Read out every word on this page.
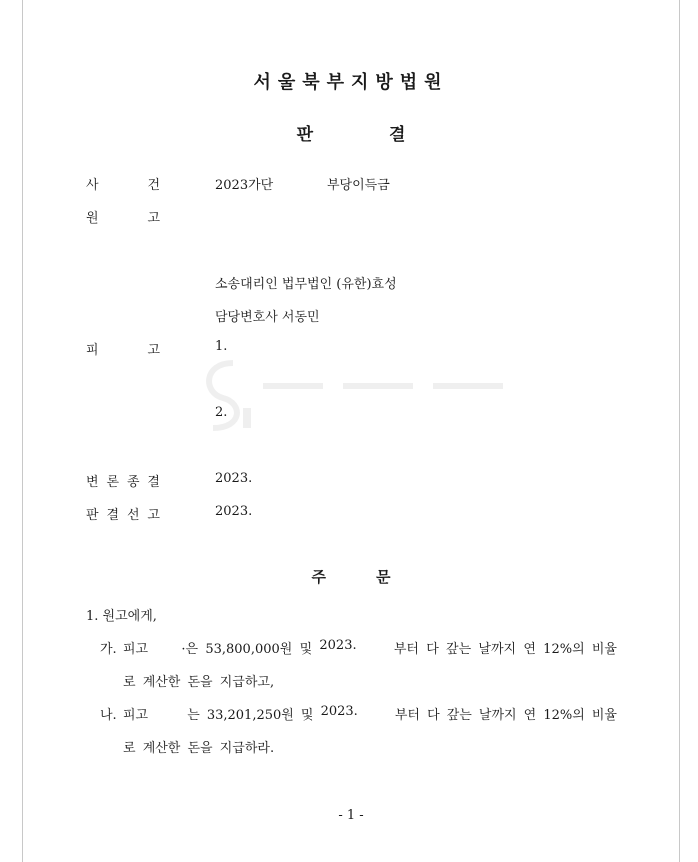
서울북부지방법원
판	결
사	건	2023가단	부당이득금
원	고
소송대리인 법무법인 (유한)효성
담당변호사 서동민
피	고	1.
2.
변 론 종 결	2023.
판 결 선 고	2023.
주	문
1. 원고에게,
가. 피고	·은 53,800,000원 및 2023.	부터 다 갚는 날까지 연 12%의 비율
로 계산한 돈을 지급하고,
나. 피고	는 33,201,250원 및 2023.	부터 다 갚는 날까지 연 12%의 비율
로 계산한 돈을 지급하라.
- 1 -
